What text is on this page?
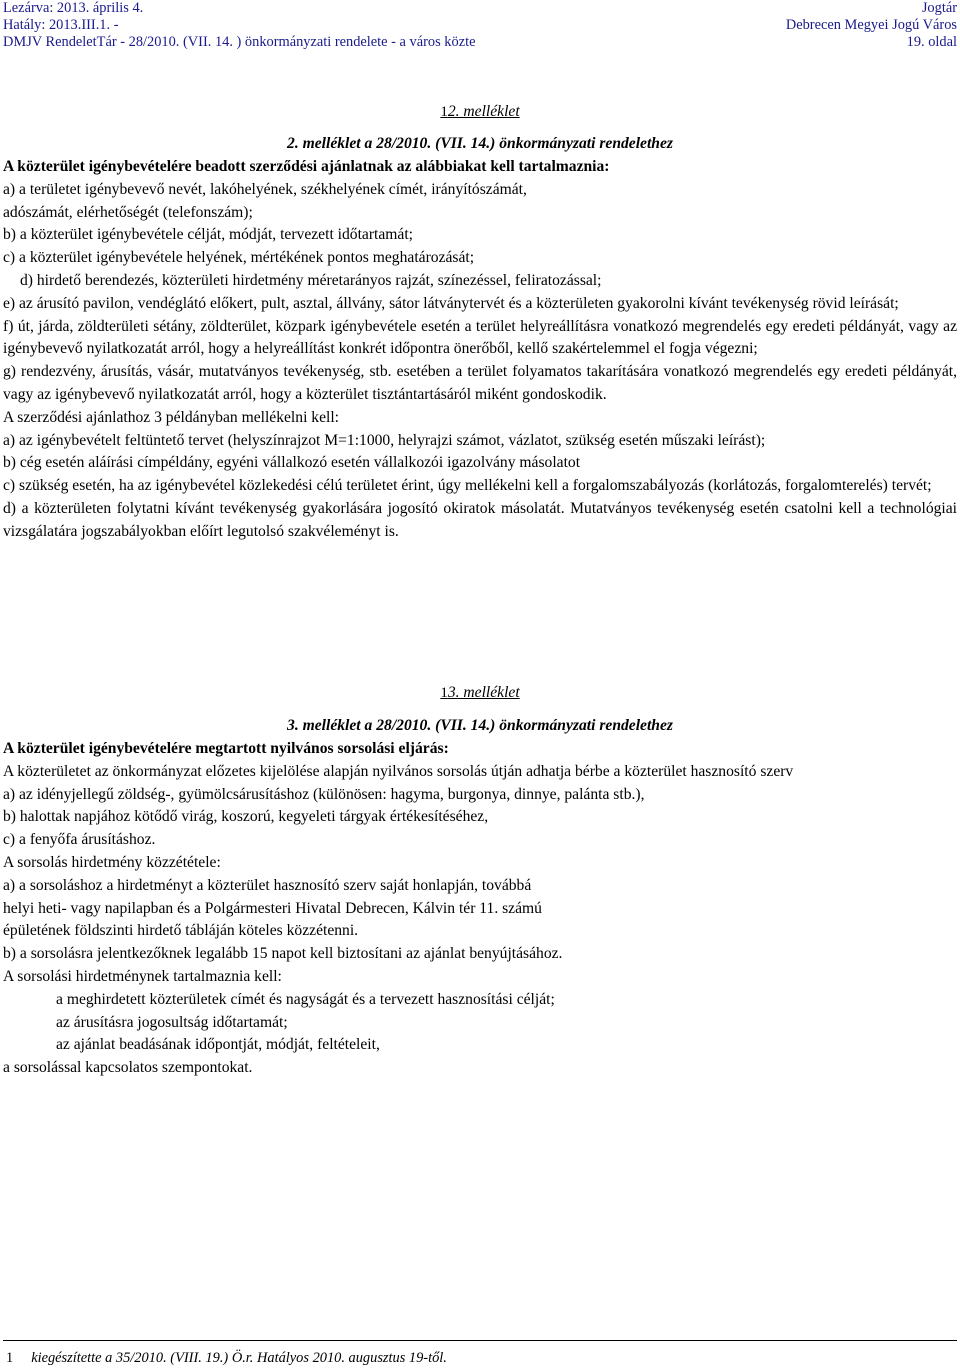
Lezárva: 2013. április 4.	Jogtár
Hatály: 2013.III.1. -	Debrecen Megyei Jogú Város
DMJV RendeletTár - 28/2010. (VII. 14. ) önkormányzati rendelete - a város közte	19. oldal
12. melléklet
2. melléklet a 28/2010. (VII. 14.) önkormányzati rendelethez

A közterület igénybevételére beadott szerződési ajánlatnak az alábbiakat kell tartalmaznia:

a) a területet igénybevevő nevét, lakóhelyének, székhelyének címét, irányítószámát,

adószámát, elérhetőségét (telefonszám);

b) a közterület igénybevétele célját, módját, tervezett időtartamát;

c) a közterület igénybevétele helyének, mértékének pontos meghatározását;

d) hirdető berendezés, közterületi hirdetmény méretarányos rajzát, színezéssel, feliratozással;

e) az árusító pavilon, vendéglátó előkert, pult, asztal, állvány, sátor látványtervét és a közterületen gyakorolni kívánt tevékenység rövid leírását;

f) út, járda, zöldterületi sétány, zöldterület, közpark igénybevétele esetén a terület helyreállításra vonatkozó megrendelés egy eredeti példányát, vagy az igénybevevő nyilatkozatát arról, hogy a helyreállítást konkrét időpontra önerőből, kellő szakértelemmel el fogja végezni;

g) rendezvény, árusítás, vásár, mutatványos tevékenység, stb. esetében a terület folyamatos takarítására vonatkozó megrendelés egy eredeti példányát, vagy az igénybevevő nyilatkozatát arról, hogy a közterület tisztántartásáról miként gondoskodik.

A szerződési ajánlathoz 3 példányban mellékelni kell:

a) az igénybevételt feltüntető tervet (helyszínrajzot M=1:1000, helyrajzi számot, vázlatot, szükség esetén műszaki leírást);

b) cég esetén aláírási címpéldány, egyéni vállalkozó esetén vállalkozói igazolvány másolatot

c) szükség esetén, ha az igénybevétel közlekedési célú területet érint, úgy mellékelni kell a forgalomszabályozás (korlátozás, forgalomterelés) tervét;

d) a közterületen folytatni kívánt tevékenység gyakorlására jogosító okiratok másolatát. Mutatványos tevékenység esetén csatolni kell a technológiai vizsgálatára jogszabályokban előírt legutolsó szakvéleményt is.

13. melléklet
3. melléklet a 28/2010. (VII. 14.) önkormányzati rendelethez

A közterület igénybevételére megtartott nyilvános sorsolási eljárás:

A közterületet az önkormányzat előzetes kijelölése alapján nyilvános sorsolás útján adhatja bérbe a közterület hasznosító szerv

a) az idényjellegű zöldség-, gyümölcsárusításhoz (különösen: hagyma, burgonya, dinnye, palánta stb.),

b) halottak napjához kötődő virág, koszorú, kegyeleti tárgyak értékesítéséhez,

c) a fenyőfa árusításhoz.

A sorsolás hirdetmény közzététele:

a) a sorsoláshoz a hirdetményt a közterület hasznosító szerv saját honlapján, továbbá

helyi heti- vagy napilapban és a Polgármesteri Hivatal Debrecen, Kálvin tér 11. számú

épületének földszinti hirdető tábláján köteles közzétenni.

b) a sorsolásra jelentkezőknek legalább 15 napot kell biztosítani az ajánlat benyújtásához.

A sorsolási hirdetménynek tartalmaznia kell:

a meghirdetett közterületek címét és nagyságát és a tervezett hasznosítási célját;

az árusításra jogosultság időtartamát;

az ajánlat beadásának időpontját, módját, feltételeit,

a sorsolással kapcsolatos szempontokat.

1 kiegészítette a 35/2010. (VIII. 19.) Ö.r. Hatályos 2010. augusztus 19-től.
